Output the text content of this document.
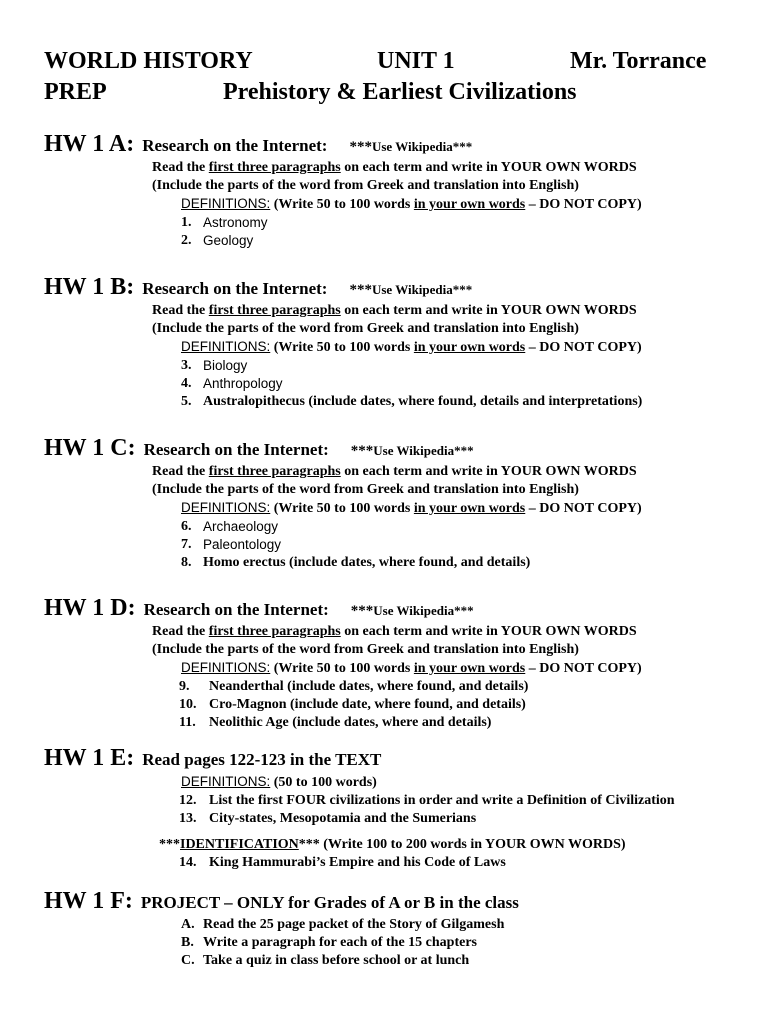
WORLD HISTORY	UNIT 1	Mr. Torrance
PREP	Prehistory & Earliest Civilizations
HW 1 A: Research on the Internet: ***Use Wikipedia***
Read the first three paragraphs on each term and write in YOUR OWN WORDS
(Include the parts of the word from Greek and translation into English)
DEFINITIONS: (Write 50 to 100 words in your own words – DO NOT COPY)
1. Astronomy
2. Geology
HW 1 B: Research on the Internet: ***Use Wikipedia***
Read the first three paragraphs on each term and write in YOUR OWN WORDS
(Include the parts of the word from Greek and translation into English)
DEFINITIONS: (Write 50 to 100 words in your own words – DO NOT COPY)
3. Biology
4. Anthropology
5. Australopithecus (include dates, where found, details and interpretations)
HW 1 C: Research on the Internet: ***Use Wikipedia***
Read the first three paragraphs on each term and write in YOUR OWN WORDS
(Include the parts of the word from Greek and translation into English)
DEFINITIONS: (Write 50 to 100 words in your own words – DO NOT COPY)
6. Archaeology
7. Paleontology
8. Homo erectus (include dates, where found, and details)
HW 1 D: Research on the Internet: ***Use Wikipedia***
Read the first three paragraphs on each term and write in YOUR OWN WORDS
(Include the parts of the word from Greek and translation into English)
DEFINITIONS: (Write 50 to 100 words in your own words – DO NOT COPY)
9.	Neanderthal (include dates, where found, and details)
10. Cro-Magnon (include date, where found, and details)
11. Neolithic Age (include dates, where and details)
HW 1 E: Read pages 122-123 in the TEXT
DEFINITIONS: (50 to 100 words)
12. List the first FOUR civilizations in order and write a Definition of Civilization
13. City-states, Mesopotamia and the Sumerians
***IDENTIFICATION*** (Write 100 to 200 words in YOUR OWN WORDS)
14. King Hammurabi’s Empire and his Code of Laws
HW 1 F: PROJECT – ONLY for Grades of A or B in the class
A. Read the 25 page packet of the Story of Gilgamesh
B. Write a paragraph for each of the 15 chapters
C. Take a quiz in class before school or at lunch
